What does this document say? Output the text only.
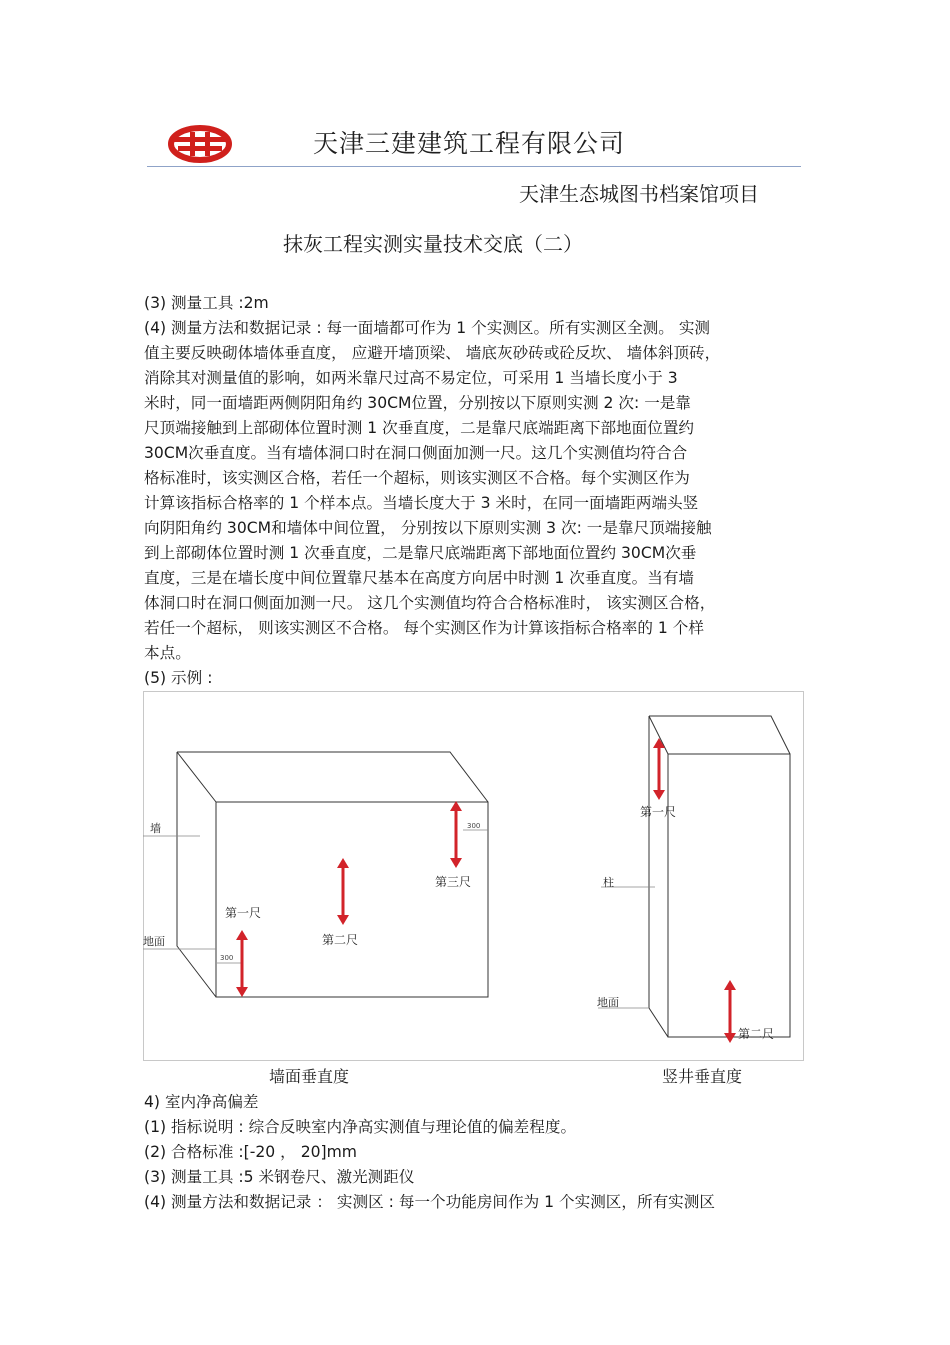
天津三建建筑工程有限公司
天津生态城图书档案馆项目
抹灰工程实测实量技术交底（二）
(3) 测量工具 :2m
(4) 测量方法和数据记录 : 每一面墙都可作为 1 个实测区。所有实测区全测。 实测
值主要反映砌体墙体垂直度， 应避开墙顶梁、 墙底灰砂砖或砼反坎、 墙体斜顶砖，
消除其对测量值的影响，如两米靠尺过高不易定位，可采用 1 当墙长度小于 3
米时，同一面墙距两侧阴阳角约 30CM位置，分别按以下原则实测 2 次: 一是靠
尺顶端接触到上部砌体位置时测 1 次垂直度，二是靠尺底端距离下部地面位置约
30CM次垂直度。当有墙体洞口时在洞口侧面加测一尺。这几个实测值均符合合
格标准时，该实测区合格，若任一个超标，则该实测区不合格。每个实测区作为
计算该指标合格率的 1 个样本点。当墙长度大于 3 米时，在同一面墙距两端头竖
向阴阳角约 30CM和墙体中间位置， 分别按以下原则实测 3 次: 一是靠尺顶端接触
到上部砌体位置时测 1 次垂直度，二是靠尺底端距离下部地面位置约 30CM次垂
直度，三是在墙长度中间位置靠尺基本在高度方向居中时测 1 次垂直度。当有墙
体洞口时在洞口侧面加测一尺。 这几个实测值均符合合格标准时， 该实测区合格，
若任一个超标， 则该实测区不合格。 每个实测区作为计算该指标合格率的 1 个样
本点。
(5) 示例 :
墙
地面
300
300
第三尺
第二尺
第一尺
柱
地面
第一尺
第二尺
墙面垂直度	竖井垂直度
4) 室内净高偏差
(1) 指标说明 : 综合反映室内净高实测值与理论值的偏差程度。
(2) 合格标准 :[-20 ， 20]mm
(3) 测量工具 :5 米钢卷尺、激光测距仪
(4) 测量方法和数据记录 ： 实测区 : 每一个功能房间作为 1 个实测区，所有实测区
